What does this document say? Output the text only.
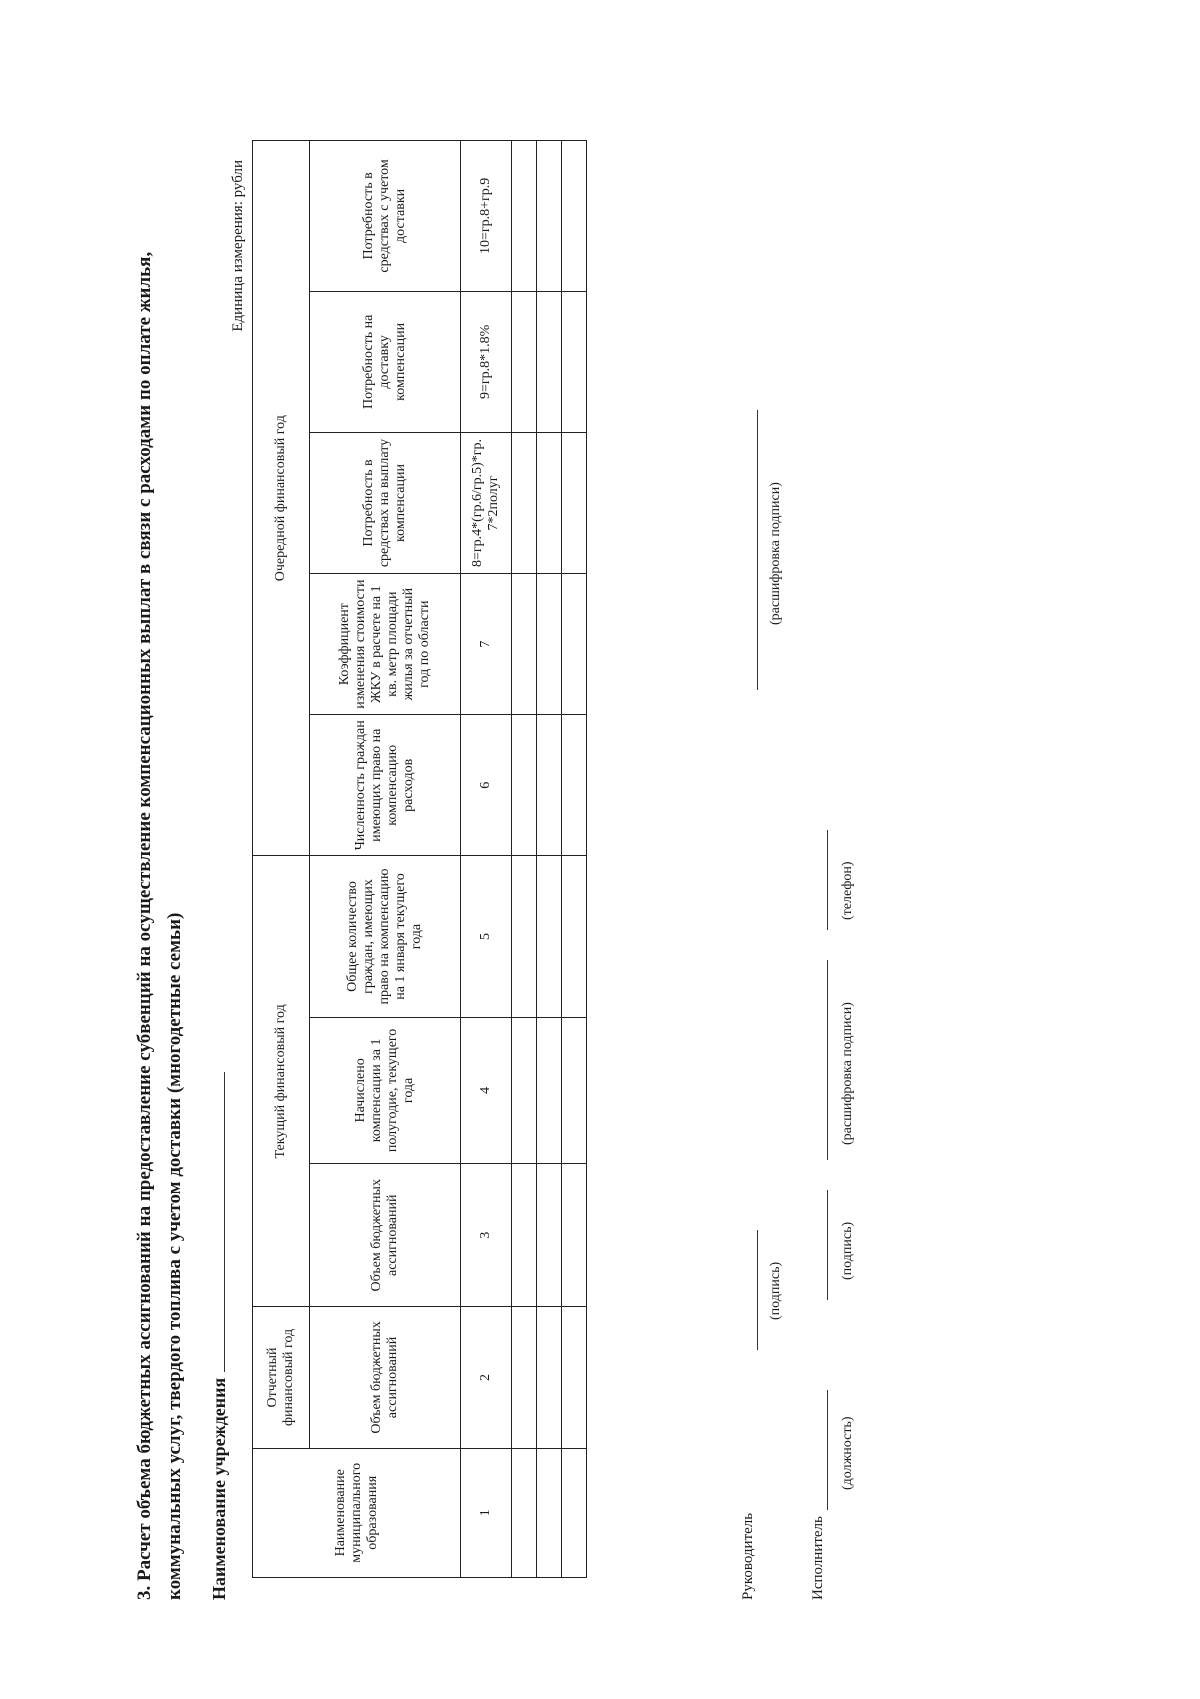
3. Расчет объема бюджетных ассигнований на предоставление субвенций на осуществление компенсационных выплат в связи с расходами по оплате жилья, коммунальных услуг, твердого топлива с учетом доставки (многодетные семьи) Наименование учреждения
Единица измерения: рубли
Наименование муниципального образования	Отчетный финансовый год	Текущий финансовый год			Очередной финансовый год				
	Объем бюджетных ассигнований	Объем бюджетных ассигнований	Начислено компенсации за 1 полугодие, текущего года	Общее количество граждан, имеющих право на компенсацию на 1 января текущего года	Численность граждан имеющих право на компенсацию расходов	Коэффициент изменения стоимости ЖКУ в расчете на 1 кв. метр площади жилья за отчетный год по области	Потребность в средствах на выплату компенсации	Потребность на доставку компенсации	Потребность в средствах с учетом доставки
1	2	3	4	5	6	7	8=гр.4*(гр.6/гр.5)*гр. 7*2полуг	9=гр.8*1.8%	10=гр.8+гр.9

Руководитель
(подпись)
(расшифровка подписи)
Исполнитель
(должность)
(подпись)
(расшифровка подписи)
(телефон)
